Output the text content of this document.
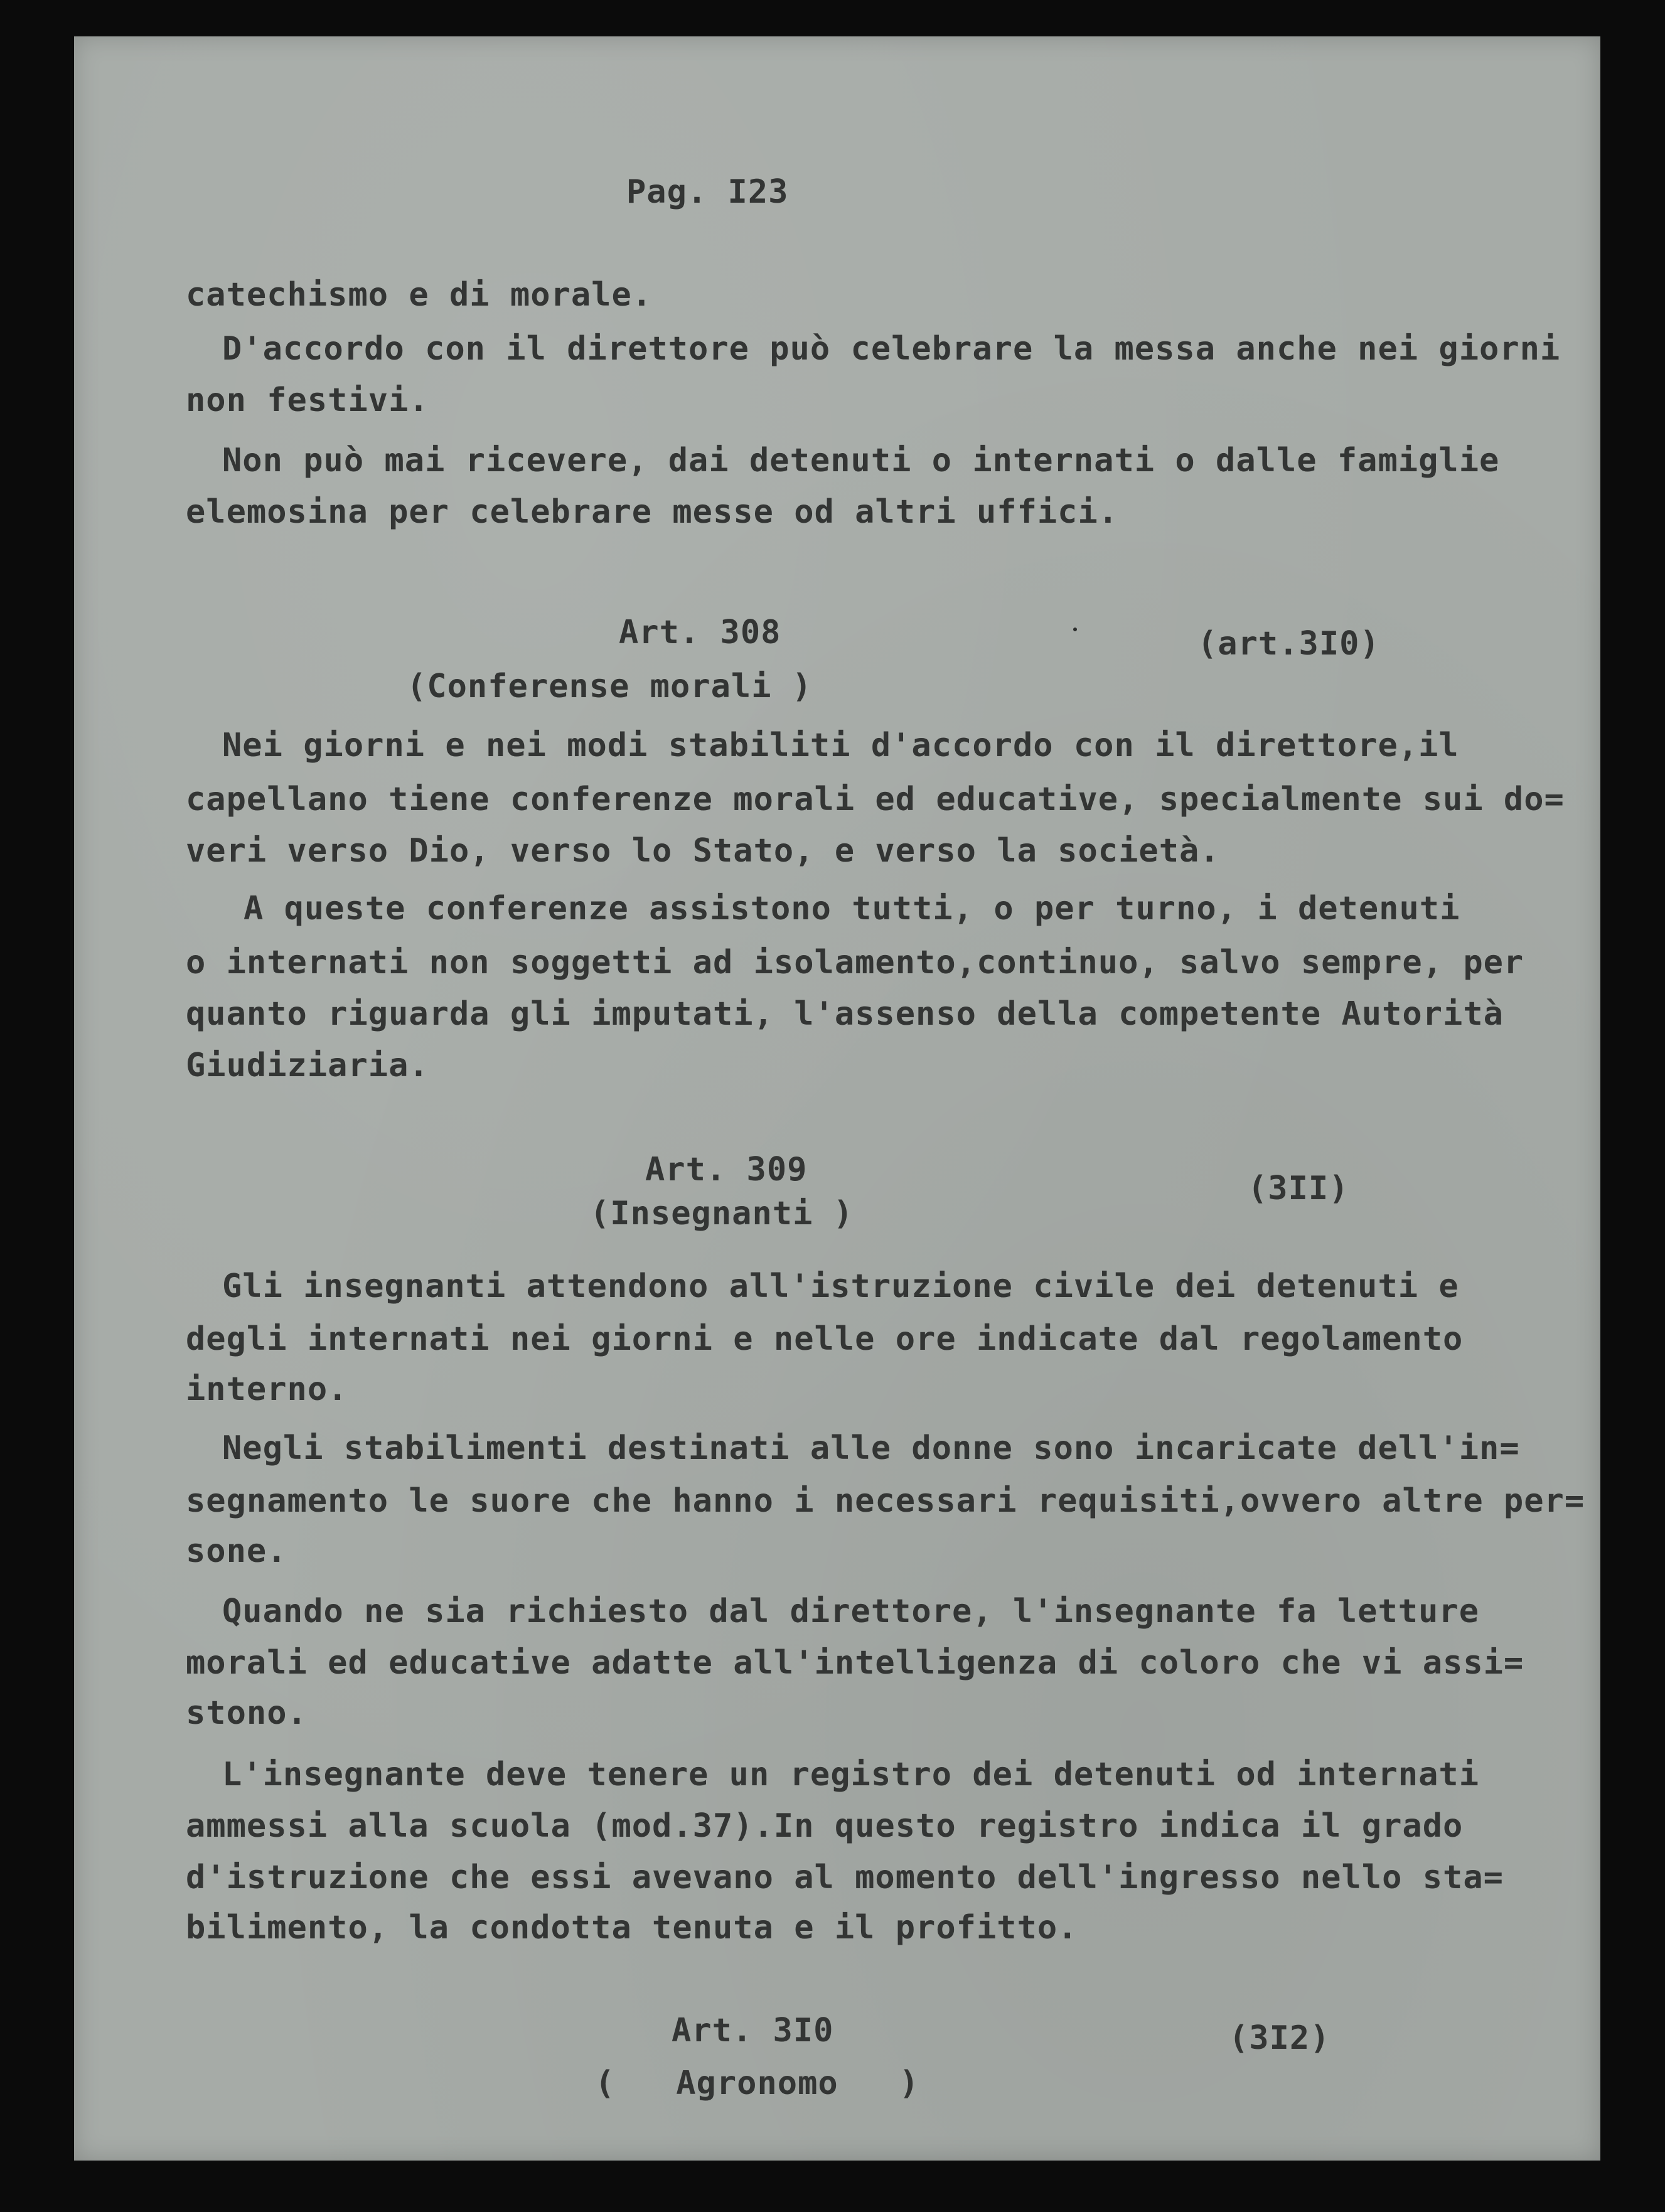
Pag. I23
catechismo e di morale.
D'accordo con il direttore può celebrare la messa anche nei giorni
non festivi.
Non può mai ricevere, dai detenuti o internati o dalle famiglie
elemosina per celebrare messe od altri uffici.
Art. 308	(art.3I0)
(Conferense morali )
Nei giorni e nei modi stabiliti d'accordo con il direttore,il
capellano tiene conferenze morali ed educative, specialmente sui do=
veri verso Dio, verso lo Stato, e verso la società.
A queste conferenze assistono tutti, o per turno, i detenuti
o internati non soggetti ad isolamento,continuo, salvo sempre, per
quanto riguarda gli imputati, l'assenso della competente Autorità
Giudiziaria.
Art. 309	(3II)
(Insegnanti )
Gli insegnanti attendono all'istruzione civile dei detenuti e
degli internati nei giorni e nelle ore indicate dal regolamento
interno.
Negli stabilimenti destinati alle donne sono incaricate dell'in=
segnamento le suore che hanno i necessari requisiti,ovvero altre per=
sone.
Quando ne sia richiesto dal direttore, l'insegnante fa letture
morali ed educative adatte all'intelligenza di coloro che vi assi=
stono.
L'insegnante deve tenere un registro dei detenuti od internati
ammessi alla scuola (mod.37).In questo registro indica il grado
d'istruzione che essi avevano al momento dell'ingresso nello sta=
bilimento, la condotta tenuta e il profitto.
Art. 3I0	(3I2)
(   Agronomo   )
